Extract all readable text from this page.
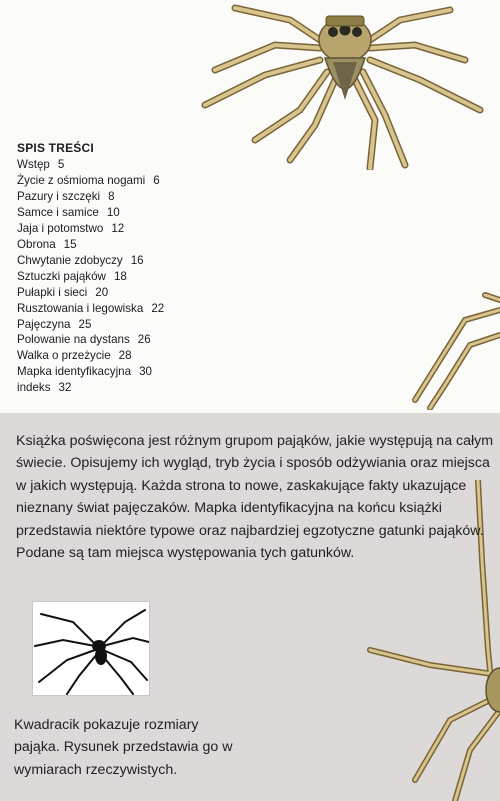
SPIS TREŚCI
Wstęp 5
Życie z ośmioma nogami 6
Pazury i szczęki 8
Samce i samice 10
Jaja i potomstwo 12
Obrona 15
Chwytanie zdobyczy 16
Sztuczki pająków 18
Pułapki i sieci 20
Rusztowania i legowiska 22
Pajęczyna 25
Polowanie na dystans 26
Walka o przeżycie 28
Mapka identyfikacyjna 30
indeks 32

Książka poświęcona jest różnym grupom pająków, jakie występują na całym świecie. Opisujemy ich wygląd, tryb życia i sposób odżywiania oraz miejsca w jakich występują. Każda strona to nowe, zaskakujące fakty ukazujące nieznany świat pajęczaków. Mapka identyfikacyjna na końcu książki przedstawia niektóre typowe oraz najbardziej egzotyczne gatunki pająków. Podane są tam miejsca występowania tych gatunków.

Kwadracik pokazuje rozmiary pająka. Rysunek przedstawia go w wymiarach rzeczywistych.
